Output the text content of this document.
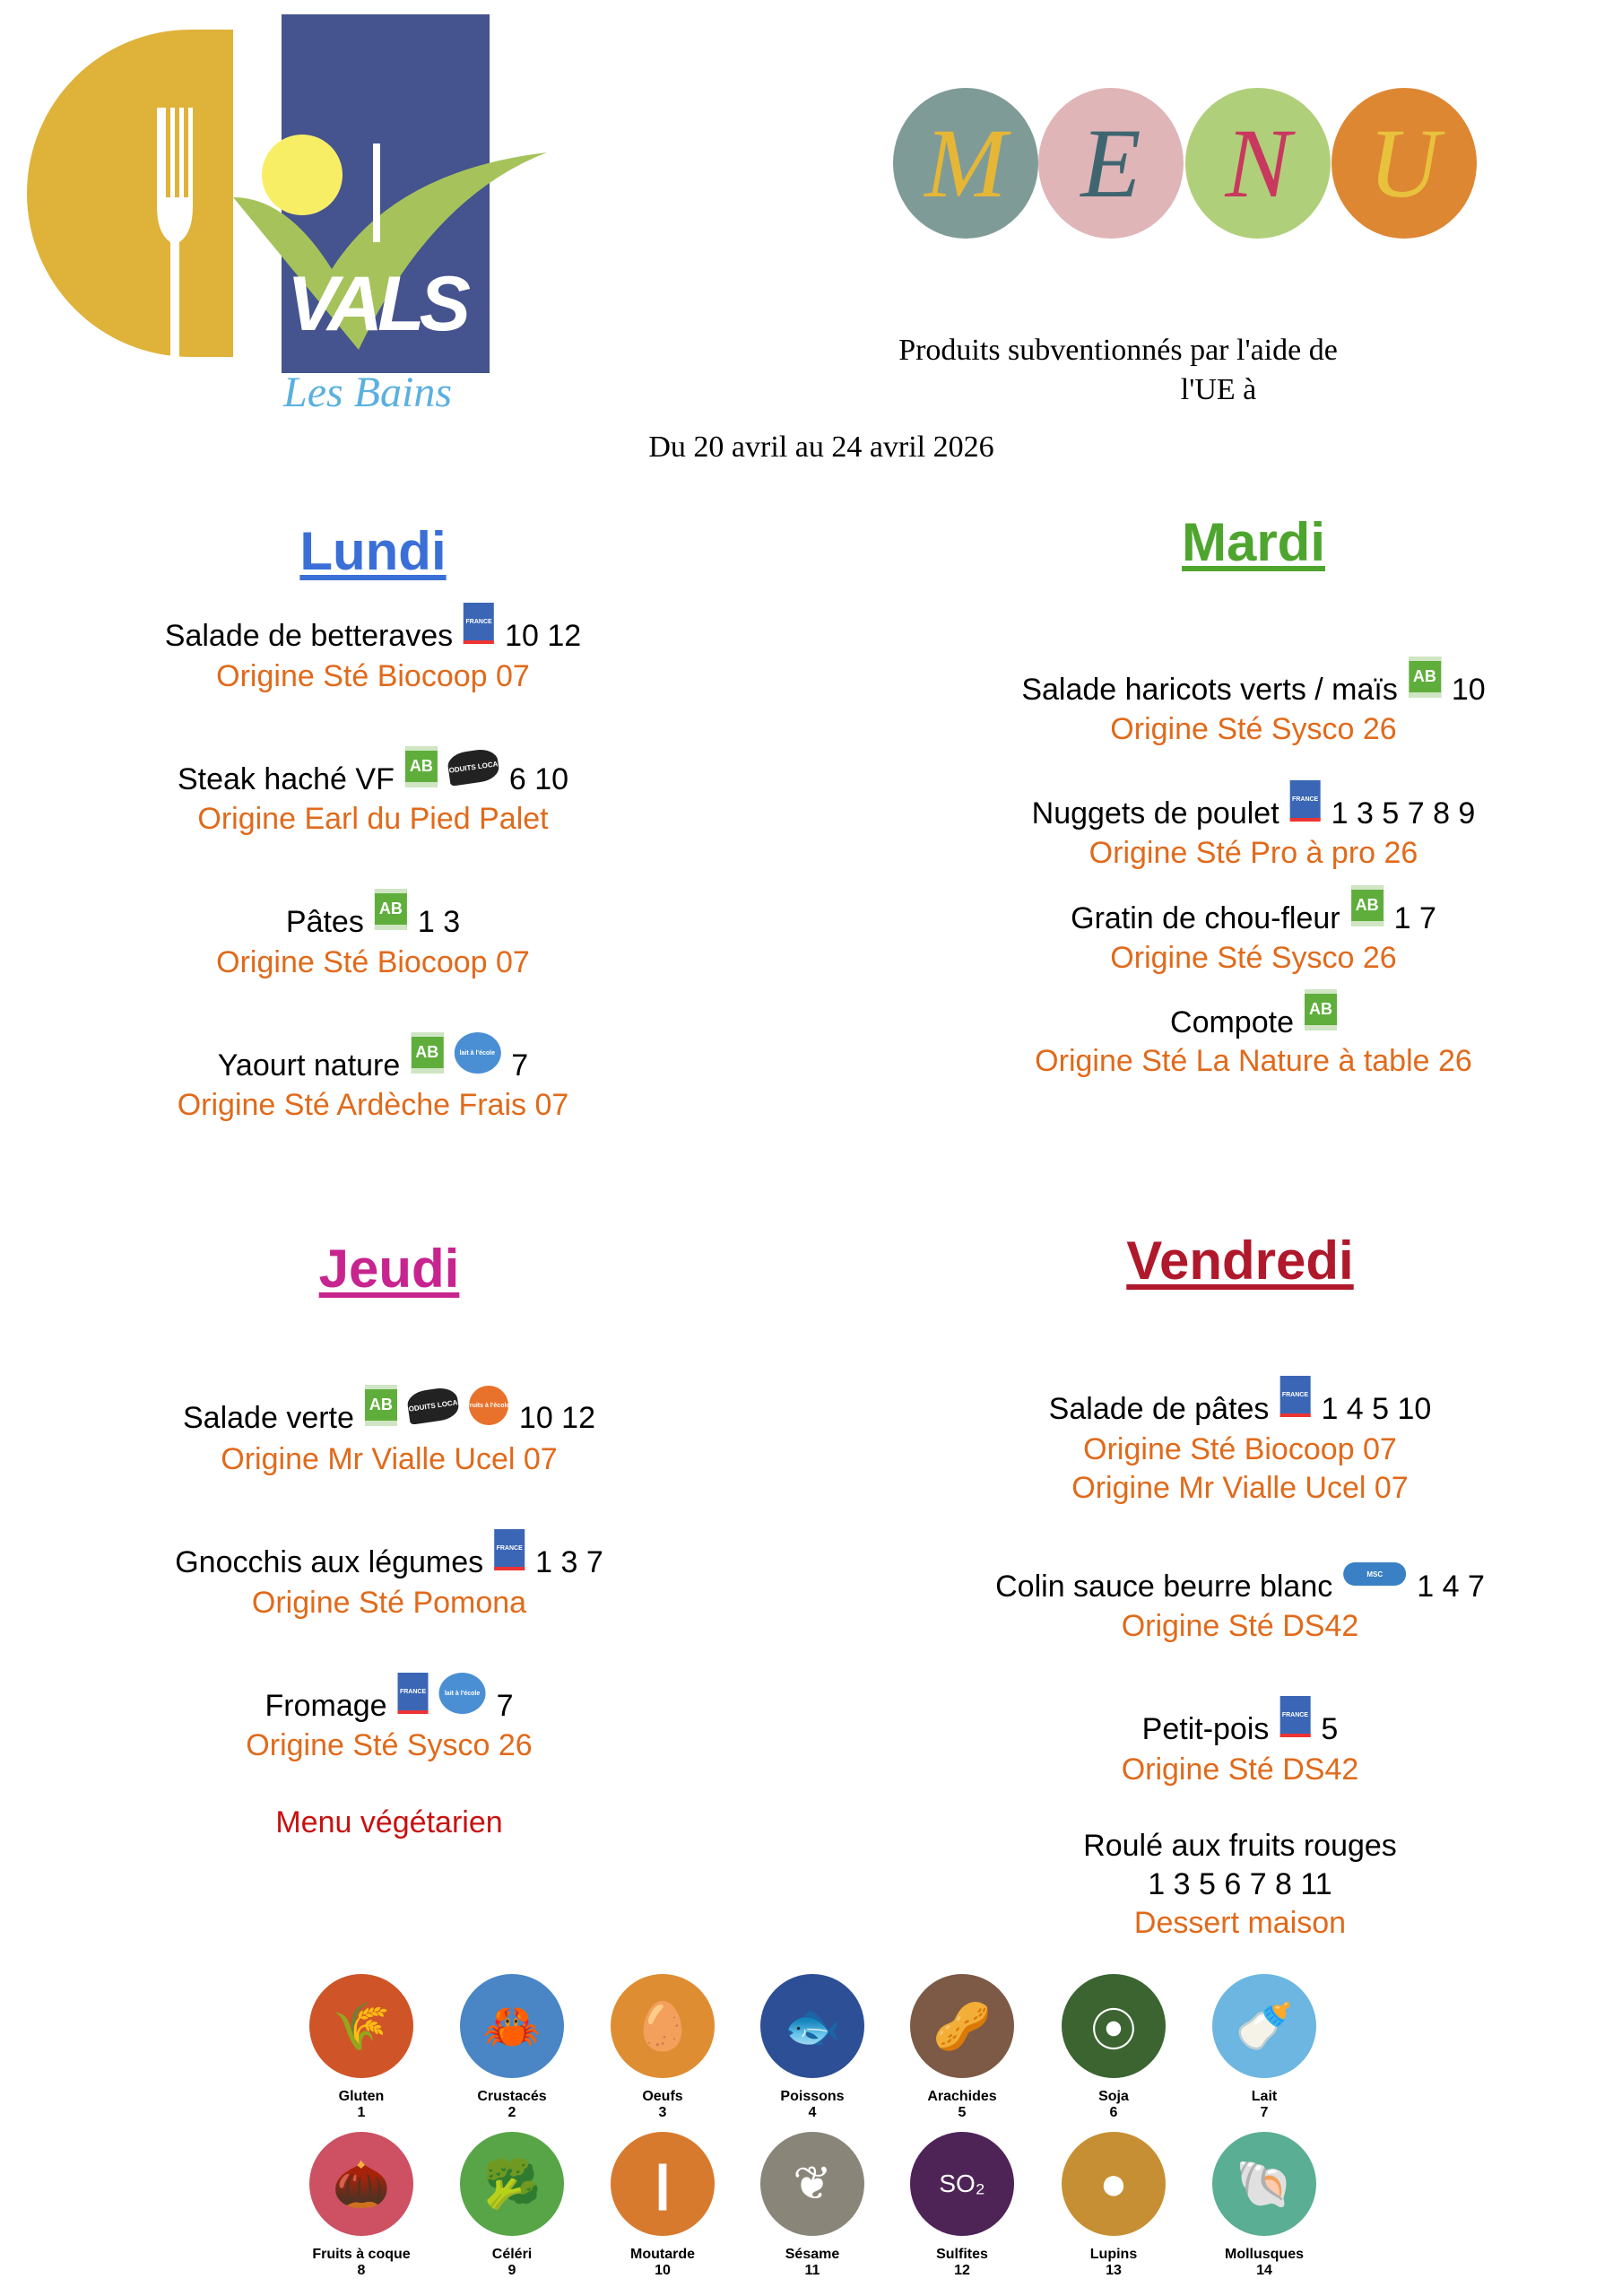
VALS
Les Bains
M E N U
Produits subventionnés par l'aide de
l'UE à
Du 20 avril au 24 avril 2026
Lundi
Salade de betteraves	FRANCE 10 12
Origine Sté Biocoop 07
Steak haché VF AB PRODUITS LOCAUX 6 10
Origine Earl du Pied Palet
Pâtes AB 1 3
Origine Sté Biocoop 07
Yaourt nature AB	lait à l'école 7
Origine Sté Ardèche Frais 07
Mardi
Salade haricots verts / maïs AB 10
Origine Sté Sysco 26
Nuggets de poulet	FRANCE 1 3 5 7 8 9
Origine Sté Pro à pro 26
Gratin de chou-fleur AB 1 7
Origine Sté Sysco 26
Compote AB
Origine Sté La Nature à table 26
Jeudi
Salade verte AB PRODUITS LOCAUX fruits à l'école 10 12
Origine Mr Vialle Ucel 07
Gnocchis aux légumes	FRANCE 1 3 7
Origine Sté Pomona
Fromage	FRANCE	lait à l'école 7
Origine Sté Sysco 26
Menu végétarien
Vendredi
Salade de pâtes	FRANCE 1 4 5 10
Origine Sté Biocoop 07
Origine Mr Vialle Ucel 07
Colin sauce beurre blanc	MSC	1 4 7
Origine Sté DS42
Petit-pois	FRANCE 5
Origine Sté DS42
Roulé aux fruits rouges
1 3 5 6 7 8 11
Dessert maison
🌾
Gluten
1
🦀
Crustacés
2
🥚
Oeufs
3
🐟
Poissons
4
🥜
Arachides
5
⦿
Soja
6
🍼
Lait
7
🌰
Fruits à coque
8
🥦
Céléri
9
❙
Moutarde
10
❦
Sésame
11
SO₂
Sulfites
12
●
Lupins
13
🐚
Mollusques
14
